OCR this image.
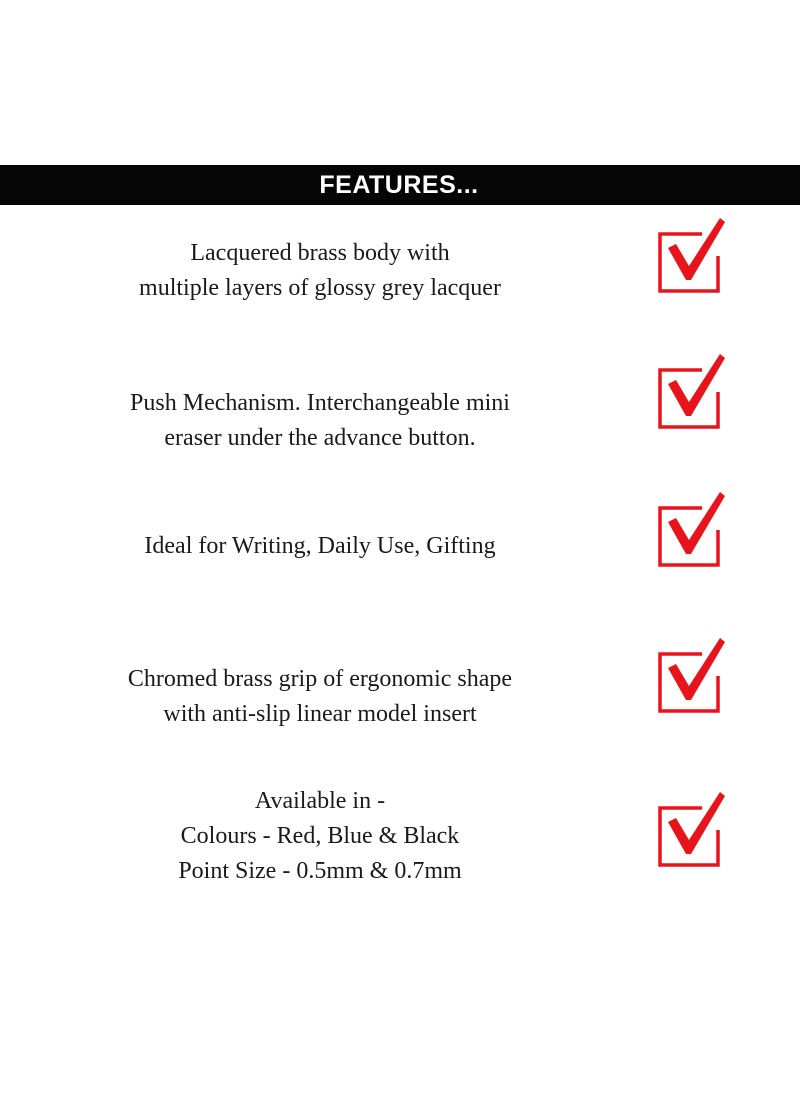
FEATURES...
Lacquered brass body with
multiple layers of glossy grey lacquer
Push Mechanism. Interchangeable mini
eraser under the advance button.
Ideal for Writing, Daily Use, Gifting
Chromed brass grip of ergonomic shape
with anti-slip linear model insert
Available in -
Colours - Red, Blue & Black
Point Size - 0.5mm & 0.7mm
